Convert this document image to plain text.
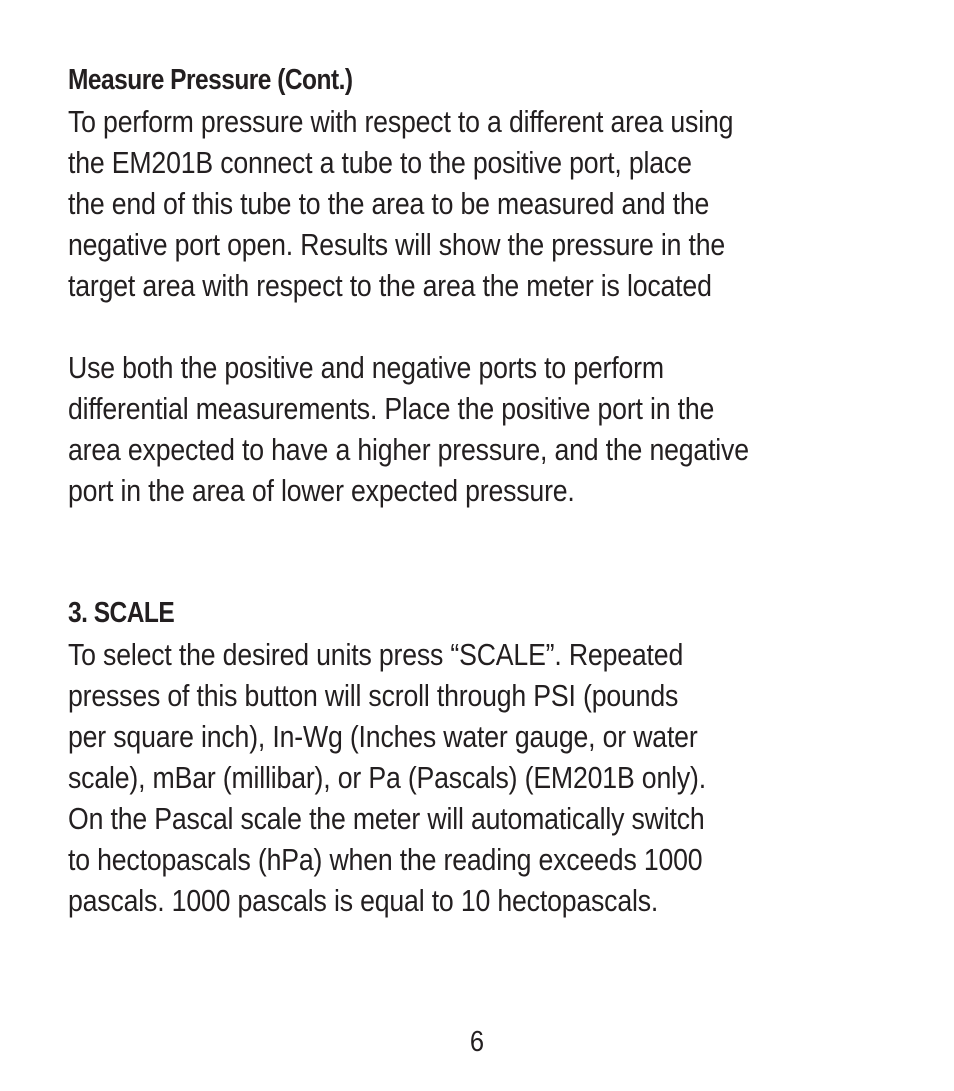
Measure Pressure (Cont.)

To perform pressure with respect to a different area using
the EM201B connect a tube to the positive port, place
the end of this tube to the area to be measured and the
negative port open. Results will show the pressure in the
target area with respect to the area the meter is located

Use both the positive and negative ports to perform
differential measurements. Place the positive port in the
area expected to have a higher pressure, and the negative
port in the area of lower expected pressure.

3. SCALE

To select the desired units press “SCALE”. Repeated
presses of this button will scroll through PSI (pounds
per square inch), In-Wg (Inches water gauge, or water
scale), mBar (millibar), or Pa (Pascals) (EM201B only).
On the Pascal scale the meter will automatically switch
to hectopascals (hPa) when the reading exceeds 1000
pascals. 1000 pascals is equal to 10 hectopascals.

6
